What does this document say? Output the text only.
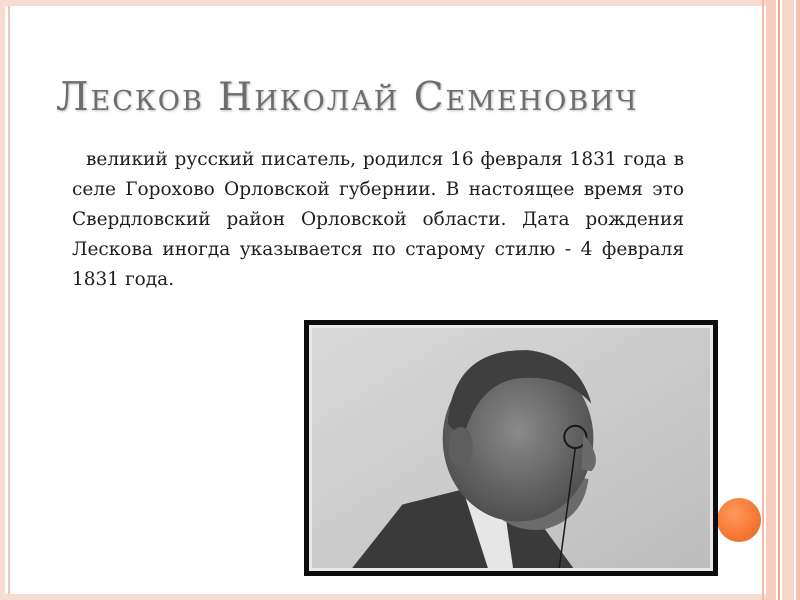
Лесков Николай Семенович

великий русский писатель, родился 16 февраля 1831 года в селе Горохово Орловской губернии. В настоящее время это Свердловский район Орловской области. Дата рождения Лескова иногда указывается по старому стилю - 4 февраля 1831 года.
